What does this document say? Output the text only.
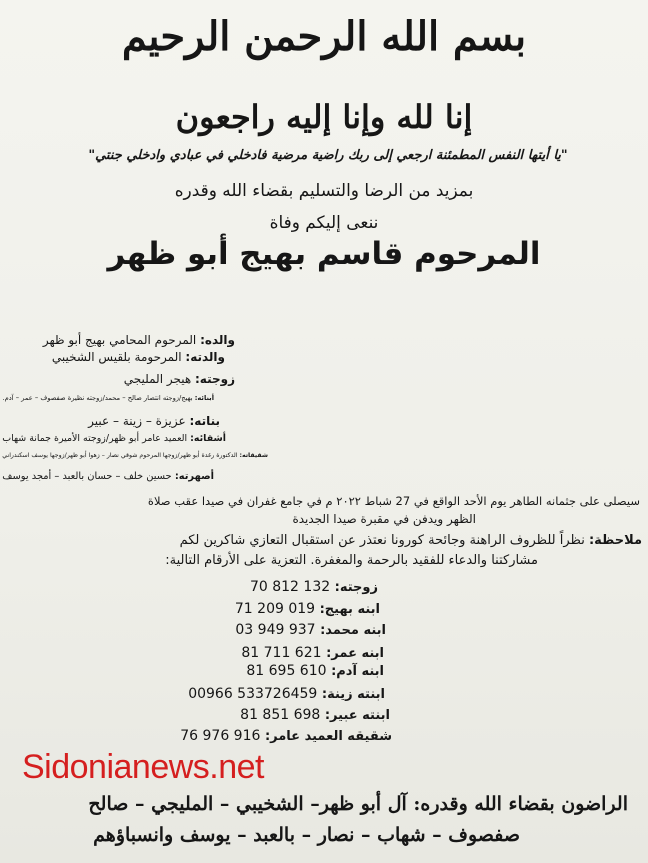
بسم الله الرحمن الرحيم
إنا لله وإنا إليه راجعون
"يا أيتها النفس المطمئنة ارجعي إلى ربك راضية مرضية فادخلي في عبادي وادخلي جنتي"
بمزيد من الرضا والتسليم بقضاء الله وقدره
ننعى إليكم وفاة
المرحوم قاسم بهيج أبو ظهر
والده: المرحوم المحامي بهيج أبو ظهر
والدته: المرحومة بلقيس الشخيبي
زوجته: هيجر المليجي
أبنائه: بهيج/زوجته انتصار صالح – محمد/زوجته نظيرة صفصوف – عمر – آدم.
بناته: عزيزة – زينة – عبير
أشقائه: العميد عامر أبو ظهر/زوجته الأميرة جمانة شهاب
شقيقاته: الدكتورة رغدة أبو ظهر/زوجها المرحوم شوقي نصار – زهوا أبو ظهر/زوجها يوسف اسكندراني
أصهرته: حسين خلف – حسان بالعبد – أمجد يوسف
سيصلى على جثمانه الطاهر يوم الأحد الواقع في 27 شباط ٢٠٢٢ م في جامع غفران في صيدا عقب صلاة
الظهر ويدفن في مقبرة صيدا الجديدة
ملاحظة: نظراً للظروف الراهنة وجائحة كورونا نعتذر عن استقبال التعازي شاكرين لكم
مشاركتنا والدعاء للفقيد بالرحمة والمغفرة. التعزية على الأرقام التالية:
زوجته: 70 812 132
ابنه بهيج: 71 209 019
ابنه محمد: 03 949 937
ابنه عمر: 81 711 621
ابنه آدم: 81 695 610
ابنته زينة: 00966 533726459
ابنته عبير: 81 851 698
شقيقه العميد عامر: 76 976 916
Sidonianews.net
الراضون بقضاء الله وقدره: آل أبو ظهر– الشخيبي – المليجي – صالح
صفصوف – شهاب – نصار – بالعبد – يوسف وانسباؤهم
